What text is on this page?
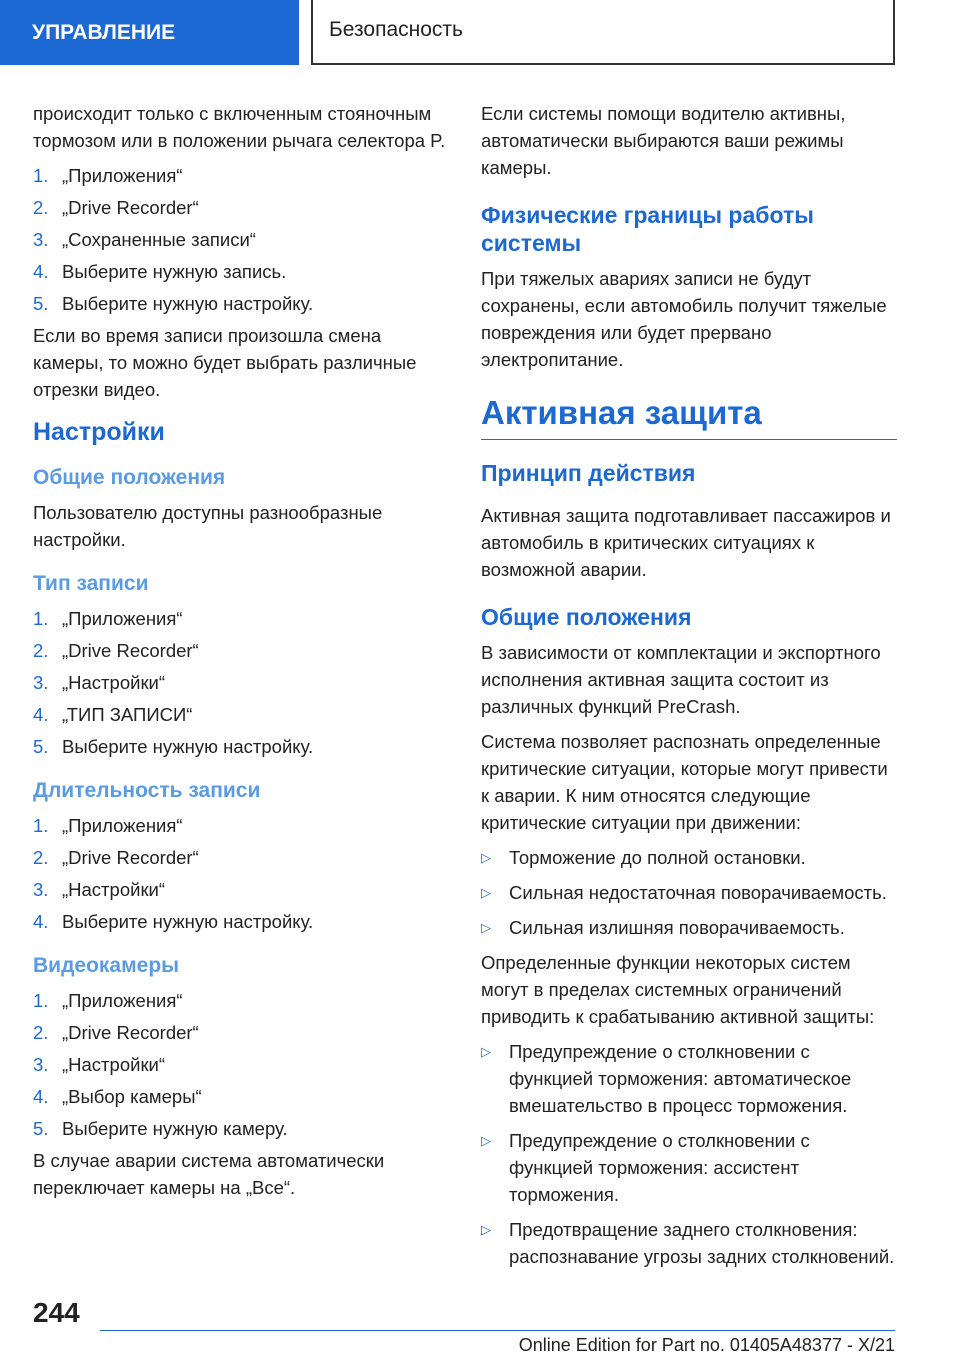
УПРАВЛЕНИЕ	Безопасность

происходит только с включенным стояночным тормозом или в положении рычага селектора P.

1. „Приложения“
2. „Drive Recorder“
3. „Сохраненные записи“
4. Выберите нужную запись.
5. Выберите нужную настройку.

Если во время записи произошла смена камеры, то можно будет выбрать различные отрезки видео.

Настройки
Общие положения

Пользователю доступны разнообразные настройки.

Тип записи
1. „Приложения“
2. „Drive Recorder“
3. „Настройки“
4. „ТИП ЗАПИСИ“
5. Выберите нужную настройку.
Длительность записи
1. „Приложения“
2. „Drive Recorder“
3. „Настройки“
4. Выберите нужную настройку.
Видеокамеры
1. „Приложения“
2. „Drive Recorder“
3. „Настройки“
4. „Выбор камеры“
5. Выберите нужную камеру.

В случае аварии система автоматически переключает камеры на „Все“.

Если системы помощи водителю активны, автоматически выбираются ваши режимы камеры.

Физические границы работы системы

При тяжелых авариях записи не будут сохранены, если автомобиль получит тяжелые повреждения или будет прервано электропитание.

Активная защита
Принцип действия

Активная защита подготавливает пассажиров и автомобиль в критических ситуациях к возможной аварии.

Общие положения

В зависимости от комплектации и экспортного исполнения активная защита состоит из различных функций PreCrash.

Система позволяет распознать определенные критические ситуации, которые могут привести к аварии. К ним относятся следующие критические ситуации при движении:

▷ Торможение до полной остановки.
▷ Сильная недостаточная поворачиваемость.
▷ Сильная излишняя поворачиваемость.

Определенные функции некоторых систем могут в пределах системных ограничений приводить к срабатыванию активной защиты:

▷ Предупреждение о столкновении с функцией торможения: автоматическое вмешательство в процесс торможения.
▷ Предупреждение о столкновении с функцией торможения: ассистент торможения.
▷ Предотвращение заднего столкновения: распознавание угрозы задних столкновений.
244
Online Edition for Part no. 01405A48377 - X/21
